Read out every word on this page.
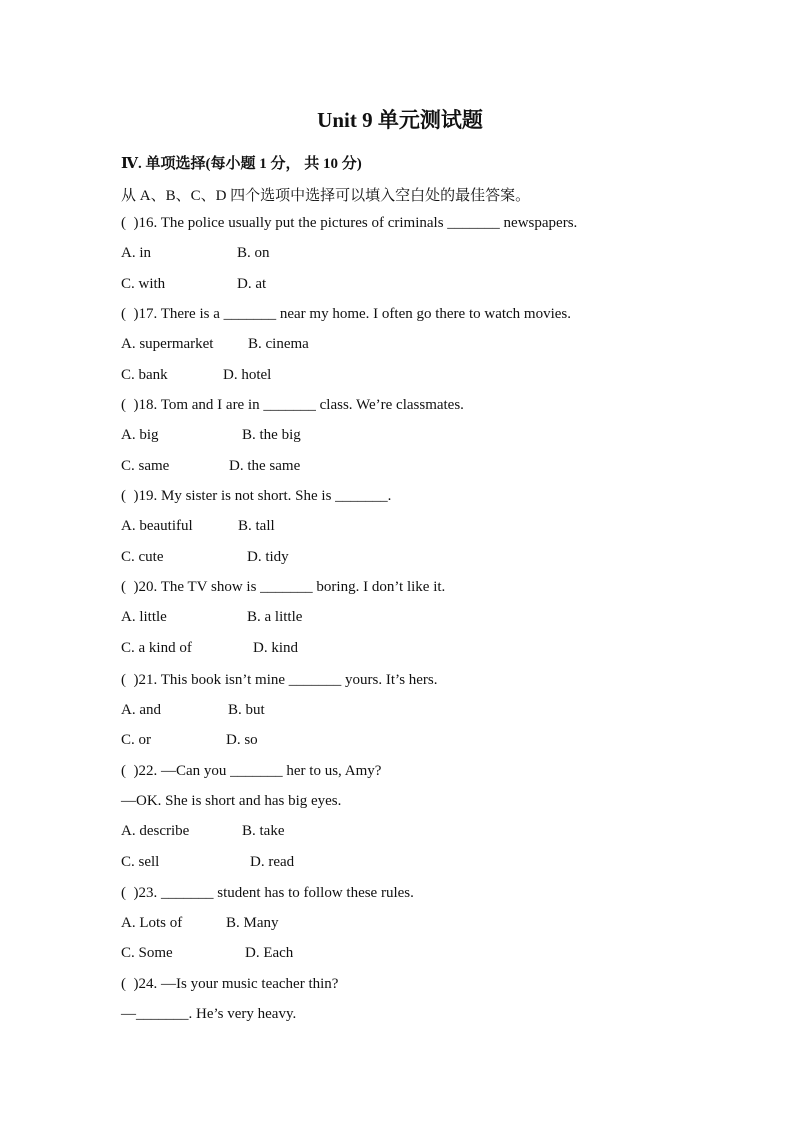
Unit 9 单元测试题
Ⅳ. 单项选择(每小题 1 分， 共 10 分)
从 A、B、C、D 四个选项中选择可以填入空白处的最佳答案。
(  )16. The police usually put the pictures of criminals _______ newspapers.
A. in	B. on
C. with	D. at
(  )17. There is a _______ near my home. I often go there to watch movies.
A. supermarket B. cinema
C. bank	D. hotel
(  )18. Tom and I are in _______ class. We’re classmates.
A. big	B. the big
C. same	D. the same
(  )19. My sister is not short. She is _______.
A. beautiful	B. tall
C. cute	D. tidy
(  )20. The TV show is _______ boring. I don’t like it.
A. little	B. a little
C. a kind of	D. kind
(  )21. This book isn’t mine _______ yours. It’s hers.
A. and	B. but
C. or	D. so
(  )22. —Can you _______ her to us, Amy?
—OK. She is short and has big eyes.
A. describe	B. take
C. sell	D. read
(  )23. _______ student has to follow these rules.
A. Lots of	B. Many
C. Some	D. Each
(  )24. —Is your music teacher thin?
—_______. He’s very heavy.
